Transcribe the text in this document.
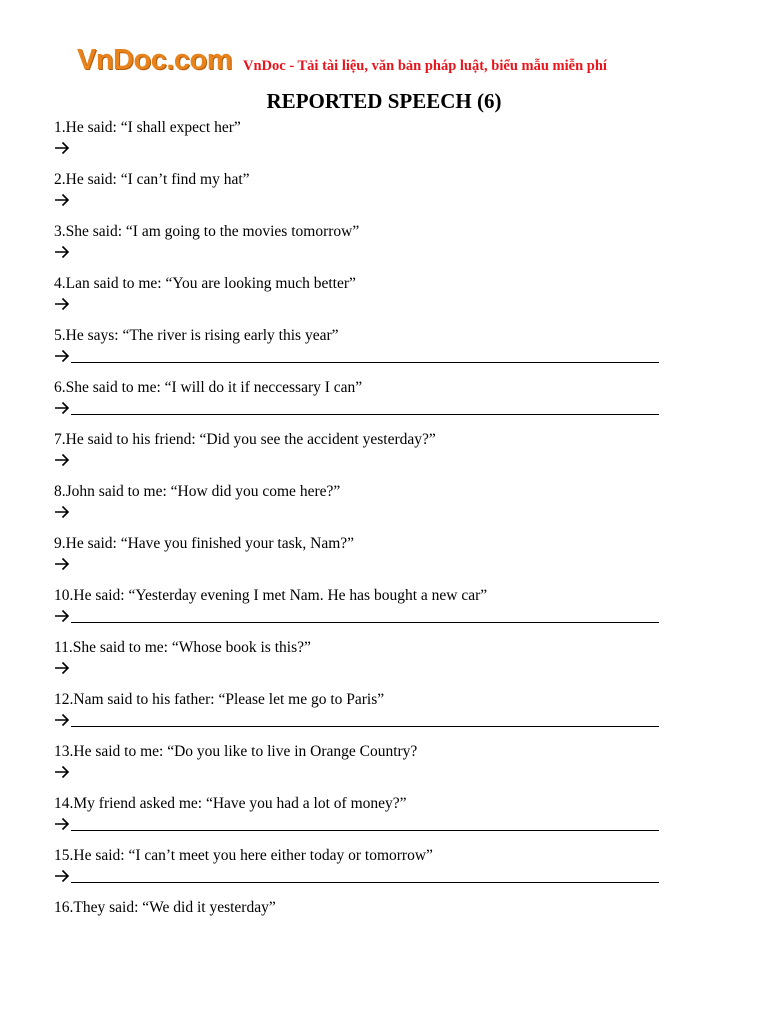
VnDoc.com VnDoc - Tải tài liệu, văn bản pháp luật, biểu mẫu miễn phí
REPORTED SPEECH (6)
1.He said: “I shall expect her”
2.He said: “I can’t find my hat”
3.She said: “I am going to the movies tomorrow”
4.Lan said to me: “You are looking much better”
5.He says: “The river is rising early this year”
6.She said to me: “I will do it if neccessary I can”
7.He said to his friend: “Did you see the accident yesterday?”
8.John said to me: “How did you come here?”
9.He said: “Have you finished your task, Nam?”
10.He said: “Yesterday evening I met Nam. He has bought a new car”
11.She said to me: “Whose book is this?”
12.Nam said to his father: “Please let me go to Paris”
13.He said to me: “Do you like to live in Orange Country?
14.My friend asked me: “Have you had a lot of money?”
15.He said: “I can’t meet you here either today or tomorrow”
16.They said: “We did it yesterday”
